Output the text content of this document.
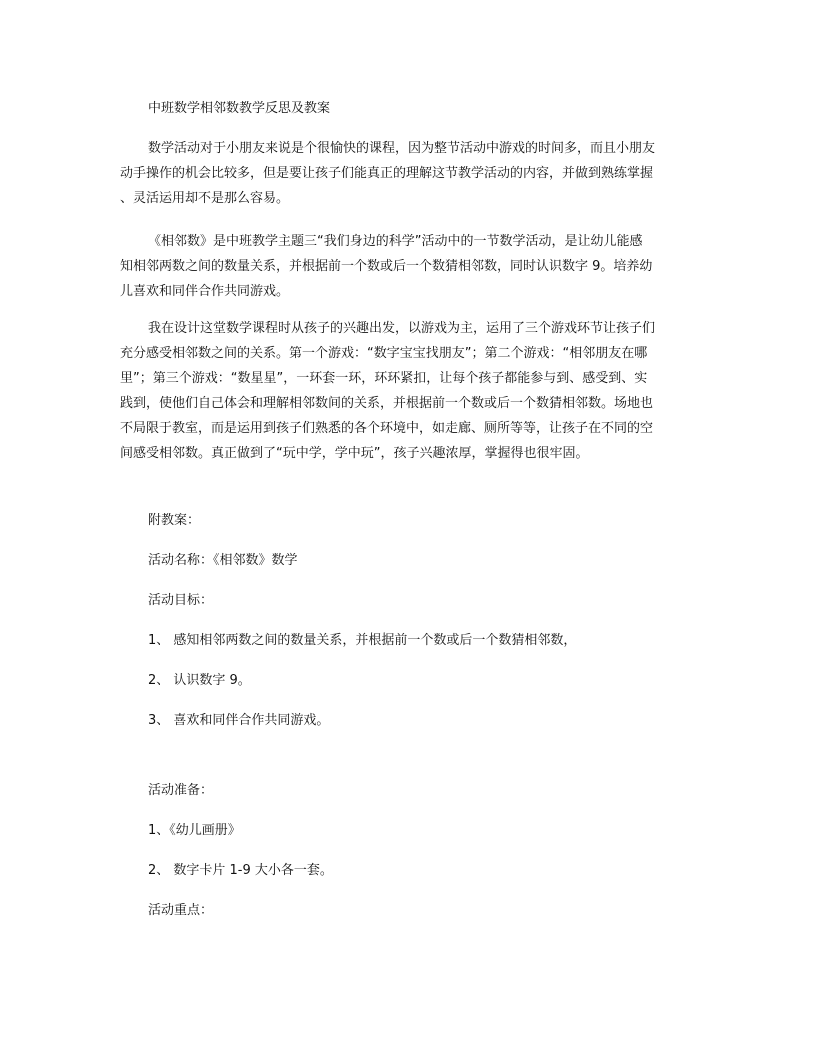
中班数学相邻数教学反思及教案
数学活动对于小朋友来说是个很愉快的课程，因为整节活动中游戏的时间多，而且小朋友
动手操作的机会比较多，但是要让孩子们能真正的理解这节教学活动的内容，并做到熟练掌握
、灵活运用却不是那么容易。
《相邻数》是中班教学主题三“我们身边的科学”活动中的一节数学活动，是让幼儿能感
知相邻两数之间的数量关系，并根据前一个数或后一个数猜相邻数，同时认识数字 9。培养幼
儿喜欢和同伴合作共同游戏。
我在设计这堂数学课程时从孩子的兴趣出发，以游戏为主，运用了三个游戏环节让孩子们
充分感受相邻数之间的关系。第一个游戏：“数字宝宝找朋友”；第二个游戏：“相邻朋友在哪
里”；第三个游戏：“数星星”，一环套一环，环环紧扣，让每个孩子都能参与到、感受到、实
践到，使他们自己体会和理解相邻数间的关系，并根据前一个数或后一个数猜相邻数。场地也
不局限于教室，而是运用到孩子们熟悉的各个环境中，如走廊、厕所等等，让孩子在不同的空
间感受相邻数。真正做到了“玩中学，学中玩”，孩子兴趣浓厚，掌握得也很牢固。
附教案：
活动名称：《相邻数》数学
活动目标：
1、 感知相邻两数之间的数量关系，并根据前一个数或后一个数猜相邻数，
2、 认识数字 9。
3、 喜欢和同伴合作共同游戏。
活动准备：
1、《幼儿画册》
2、 数字卡片 1-9 大小各一套。
活动重点：
